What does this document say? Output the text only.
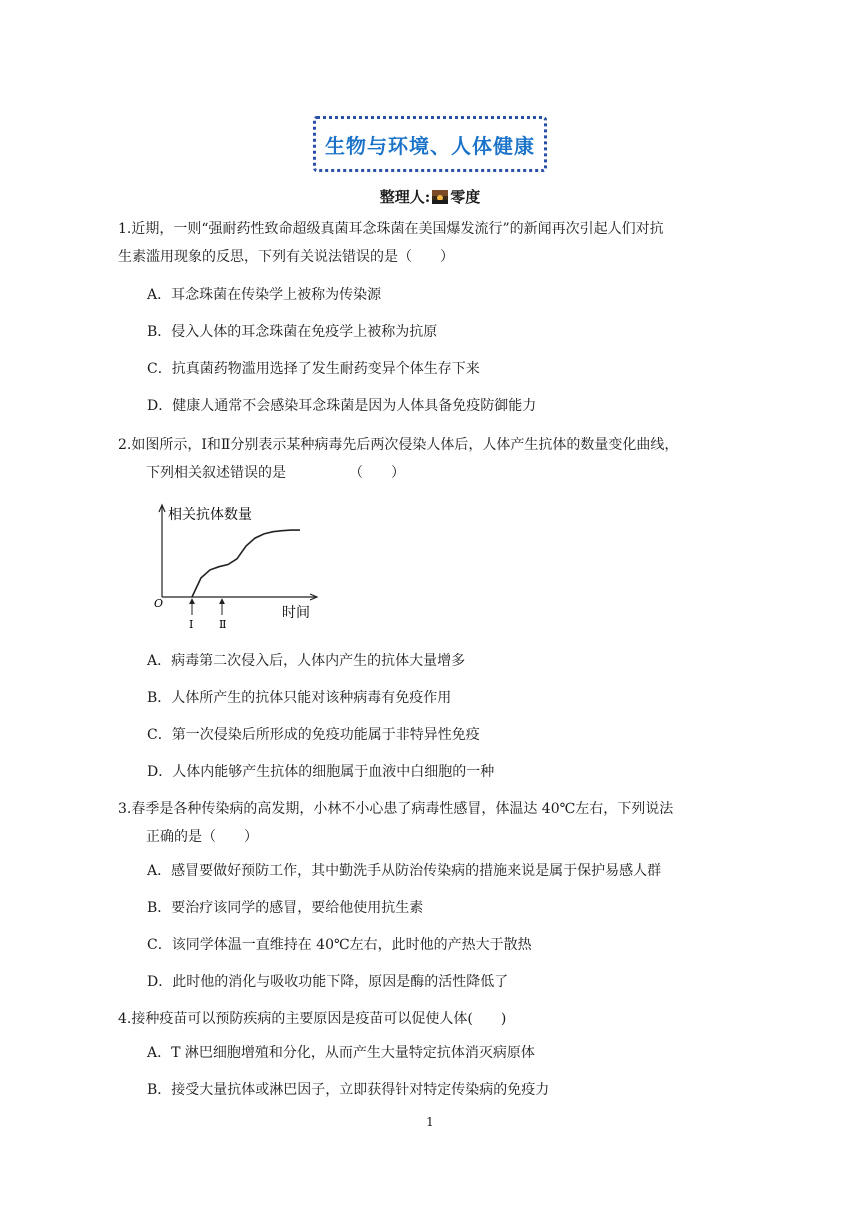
生物与环境、人体健康
整理人: 零度

1.近期，一则“强耐药性致命超级真菌耳念珠菌在美国爆发流行”的新闻再次引起人们对抗
生素滥用现象的反思，下列有关说法错误的是（　　）

A．耳念珠菌在传染学上被称为传染源

B．侵入人体的耳念珠菌在免疫学上被称为抗原

C．抗真菌药物滥用选择了发生耐药变异个体生存下来

D．健康人通常不会感染耳念珠菌是因为人体具备免疫防御能力

2.如图所示，I和Ⅱ分别表示某种病毒先后两次侵染人体后，人体产生抗体的数量变化曲线，
下列相关叙述错误的是　　　　　（　　）

相关抗体数量
时间
O
I Ⅱ

A．病毒第二次侵入后，人体内产生的抗体大量增多

B．人体所产生的抗体只能对该种病毒有免疫作用

C．第一次侵染后所形成的免疫功能属于非特异性免疫

D．人体内能够产生抗体的细胞属于血液中白细胞的一种

3.春季是各种传染病的高发期，小林不小心患了病毒性感冒，体温达 40℃左右，下列说法
正确的是（　　）

A．感冒要做好预防工作，其中勤洗手从防治传染病的措施来说是属于保护易感人群

B．要治疗该同学的感冒，要给他使用抗生素

C．该同学体温一直维持在 40℃左右，此时他的产热大于散热

D．此时他的消化与吸收功能下降，原因是酶的活性降低了

4.接种疫苗可以预防疾病的主要原因是疫苗可以促使人体(　　)

A．T 淋巴细胞增殖和分化，从而产生大量特定抗体消灭病原体

B．接受大量抗体或淋巴因子，立即获得针对特定传染病的免疫力

1
